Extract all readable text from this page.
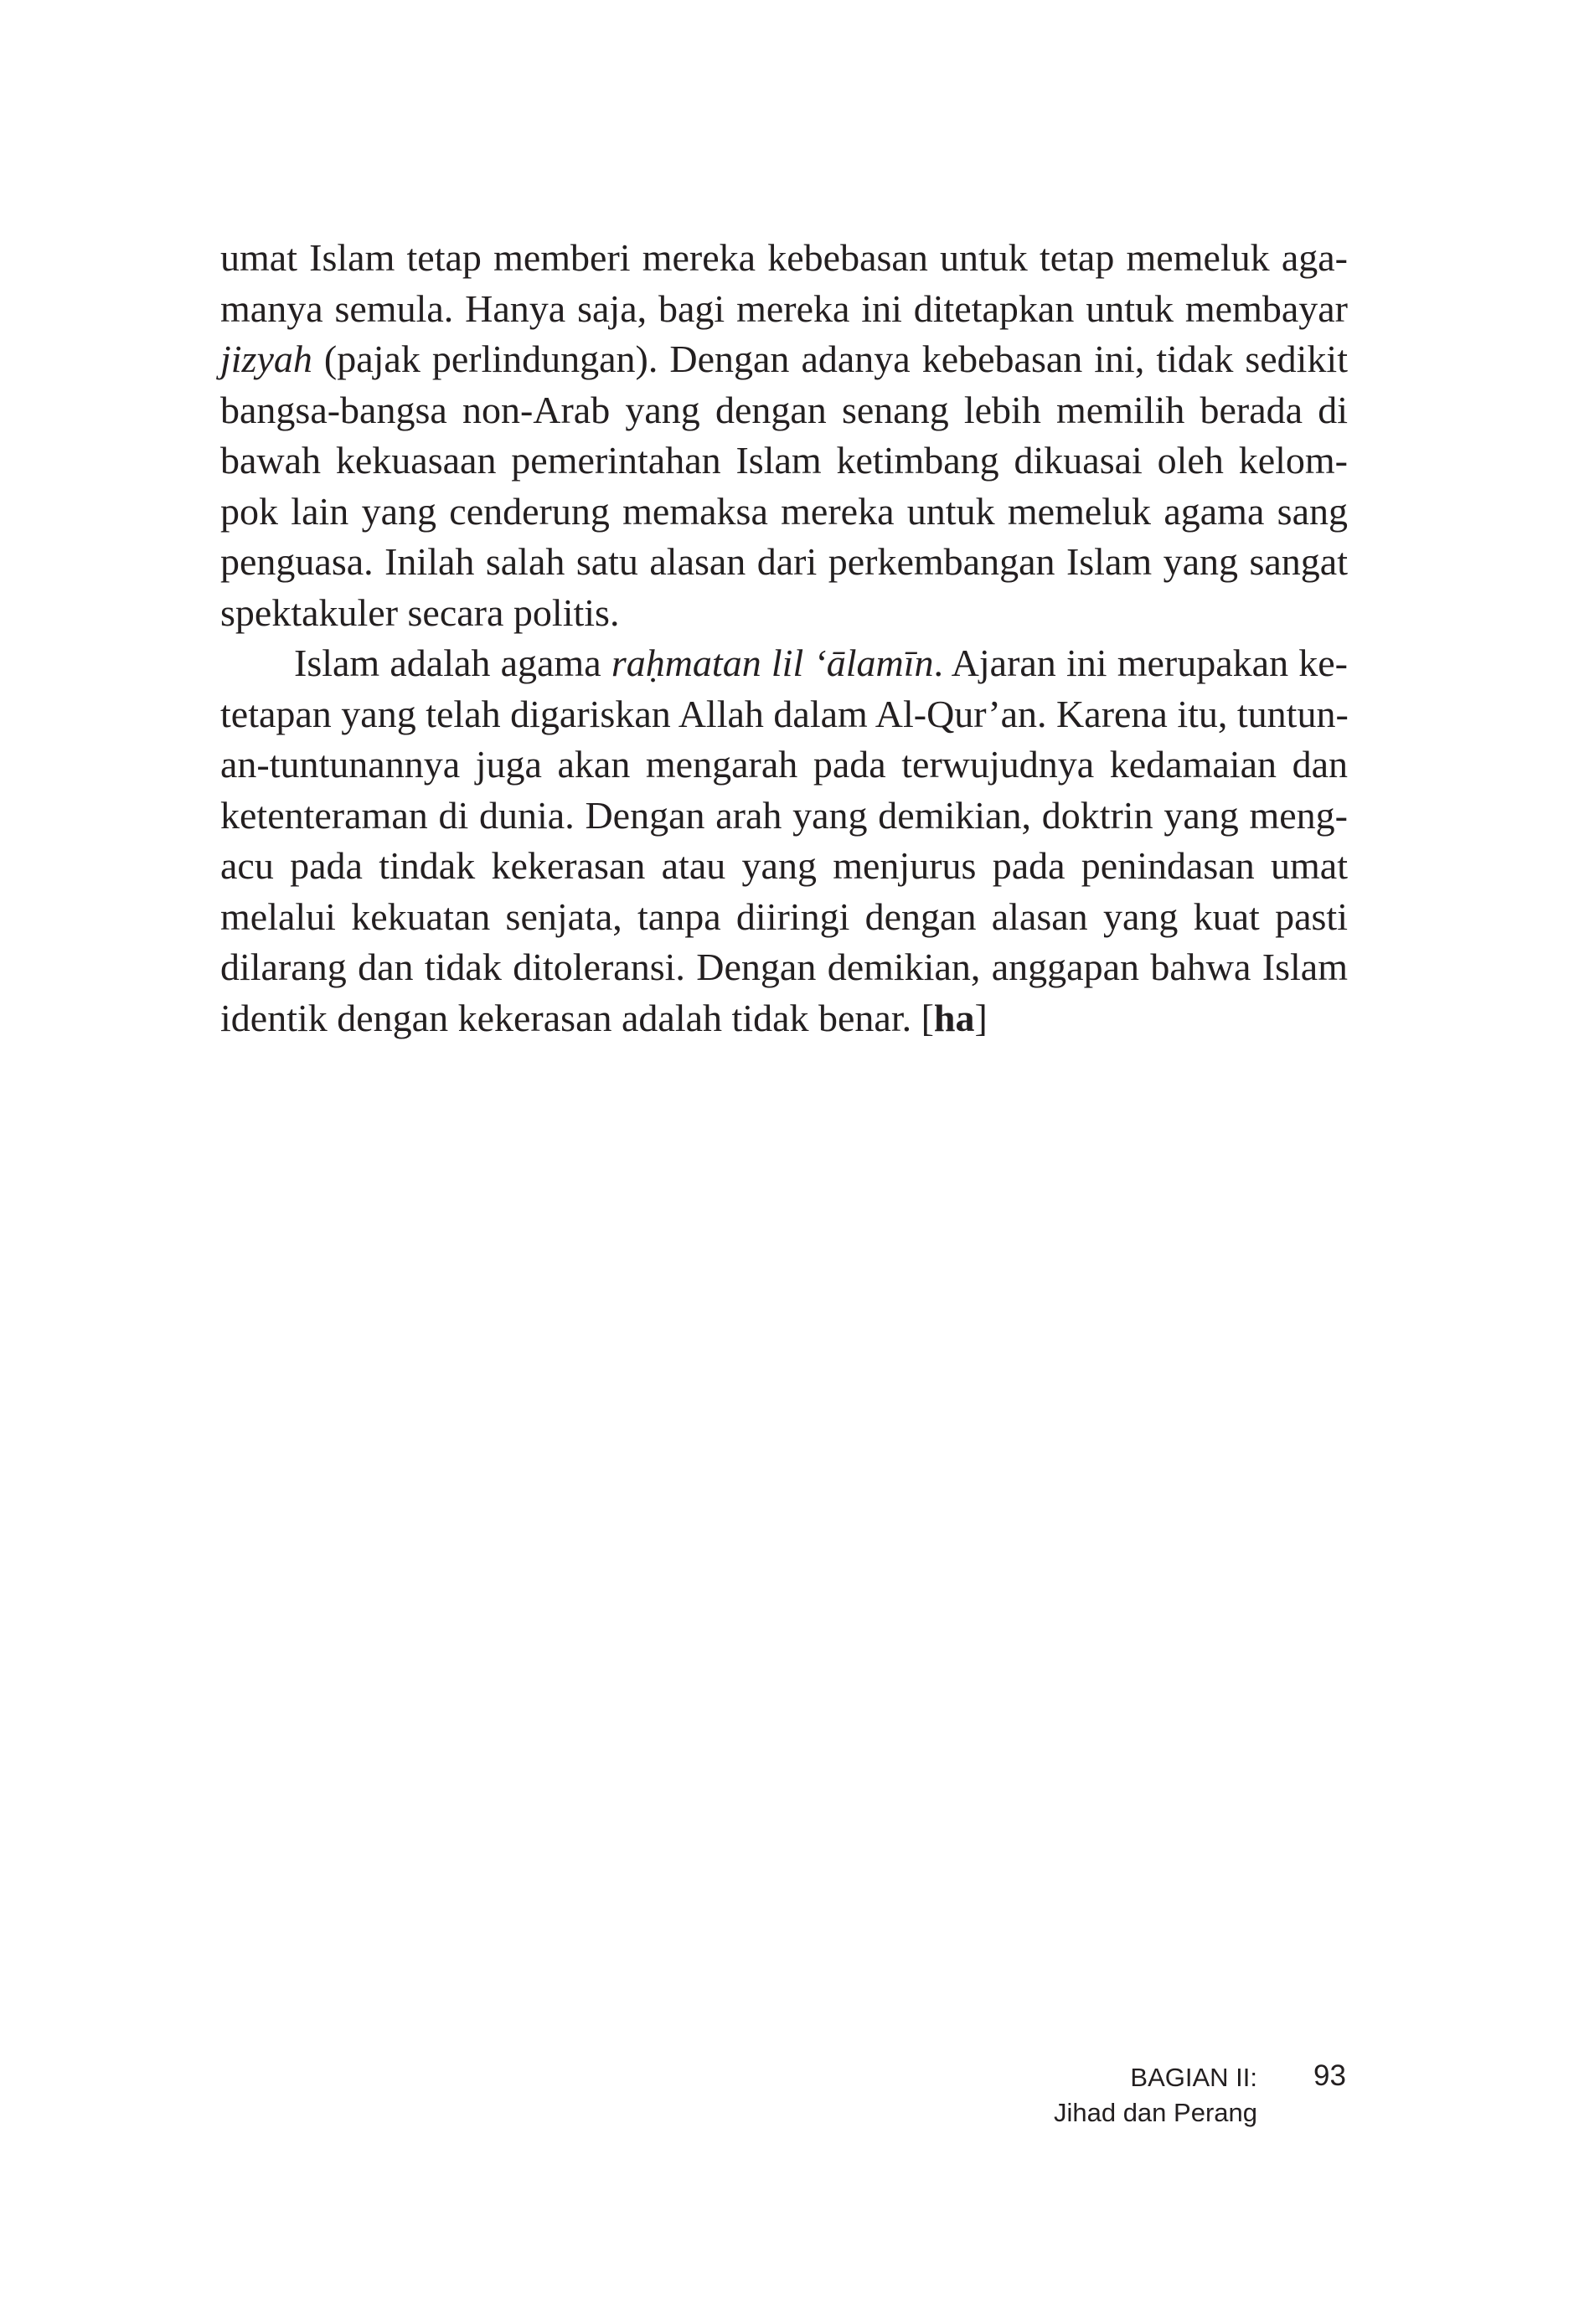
umat Islam tetap memberi mereka kebebasan untuk tetap memeluk aga-
manya semula. Hanya saja, bagi mereka ini ditetapkan untuk membayar
jizyah (pajak perlindungan). Dengan adanya kebebasan ini, tidak sedikit
bangsa-bangsa non-Arab yang dengan senang lebih memilih berada di
bawah kekuasaan pemerintahan Islam ketimbang dikuasai oleh kelom-
pok lain yang cenderung memaksa mereka untuk memeluk agama sang
penguasa. Inilah salah satu alasan dari perkembangan Islam yang sangat
spektakuler secara politis.
Islam adalah agama raḥmatan lil ‘ālamīn. Ajaran ini merupakan ke-
tetapan yang telah digariskan Allah dalam Al-Qur’an. Karena itu, tuntun-
an-tuntunannya juga akan mengarah pada terwujudnya kedamaian dan
ketenteraman di dunia. Dengan arah yang demikian, doktrin yang meng-
acu pada tindak kekerasan atau yang menjurus pada penindasan umat
melalui kekuatan senjata, tanpa diiringi dengan alasan yang kuat pasti
dilarang dan tidak ditoleransi. Dengan demikian, anggapan bahwa Islam
identik dengan kekerasan adalah tidak benar. [ha]
BAGIAN II:
Jihad dan Perang
93
